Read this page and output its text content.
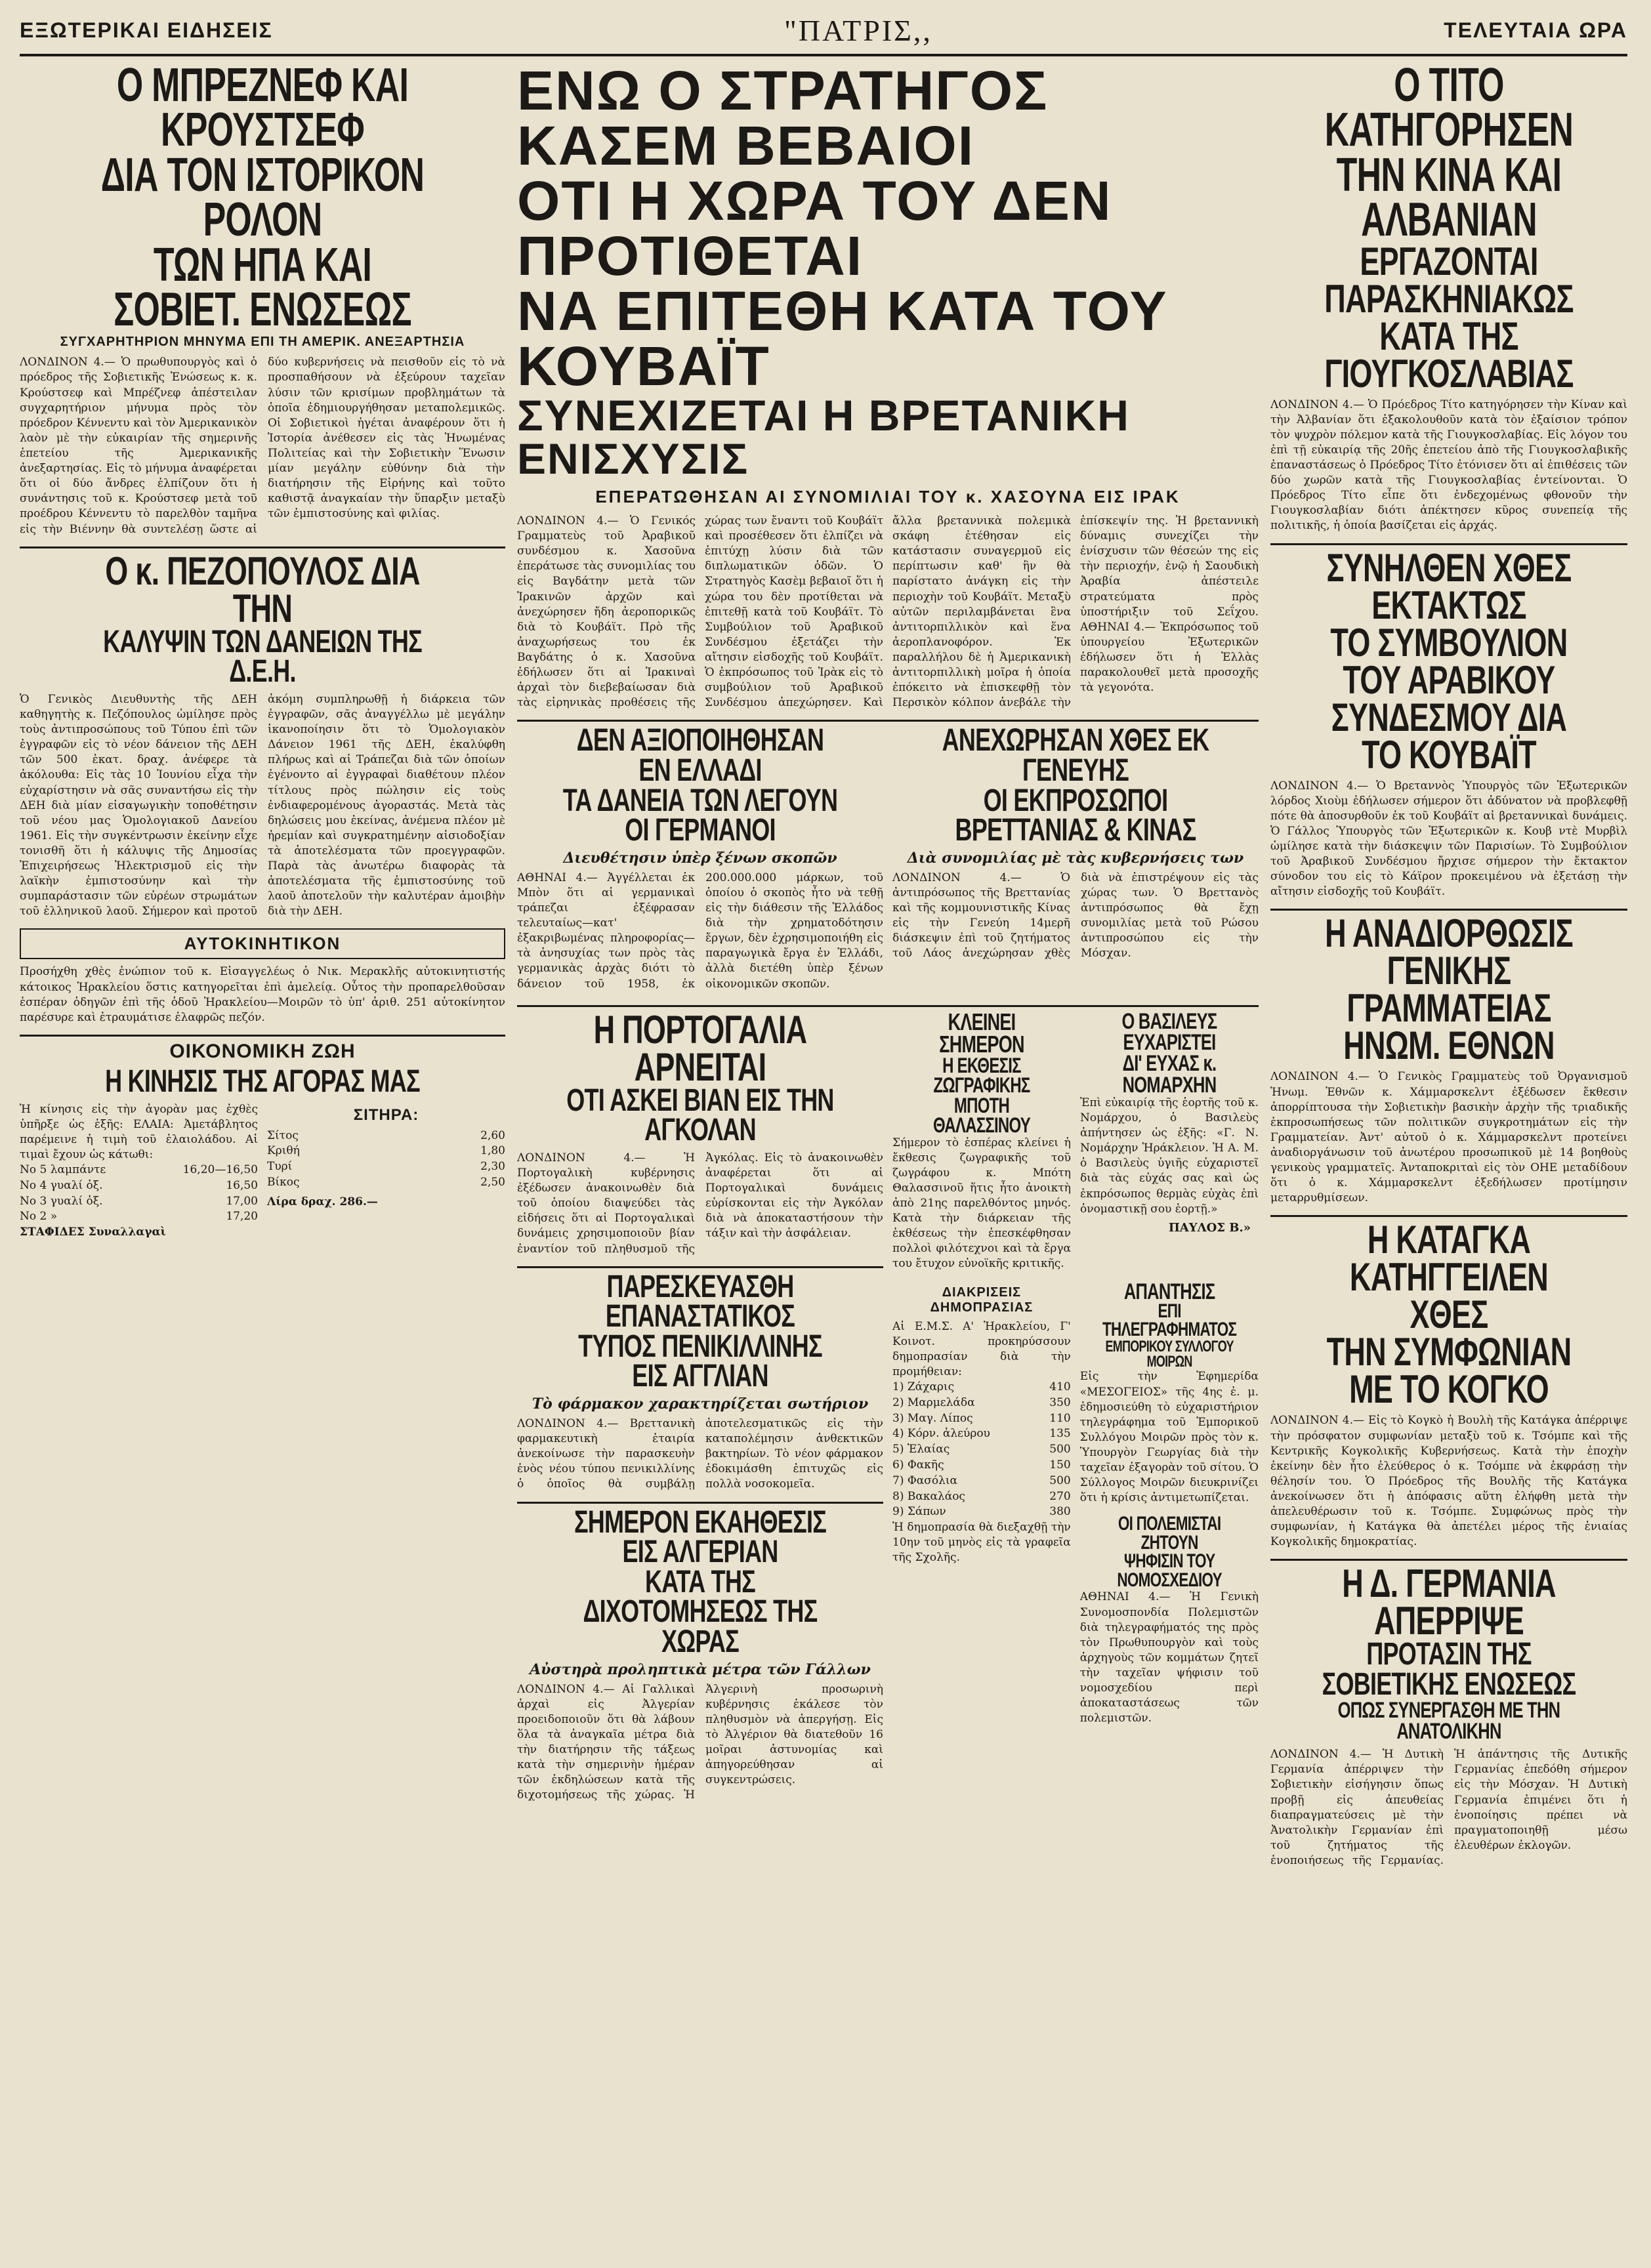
ΕΞΩΤΕΡΙΚΑΙ ΕΙΔΗΣΕΙΣ	"ΠΑΤΡΙΣ,,	ΤΕΛΕΥΤΑΙΑ ΩΡΑ
Ο ΜΠΡΕΖΝΕΦ ΚΑΙ ΚΡΟΥΣΤΣΕΦ
ΔΙΑ ΤΟΝ ΙΣΤΟΡΙΚΟΝ ΡΟΛΟΝ
ΤΩΝ ΗΠΑ ΚΑΙ ΣΟΒΙΕΤ. ΕΝΩΣΕΩΣ
ΣΥΓΧΑΡΗΤΗΡΙΟΝ ΜΗΝΥΜΑ ΕΠΙ ΤΗ ΑΜΕΡΙΚ. ΑΝΕΞΑΡΤΗΣΙΑ
ΛΟΝΔΙΝΟΝ 4.— Ὁ πρωθυπουργὸς καὶ ὁ πρόεδρος τῆς Σοβιετικῆς Ἑνώσεως κ. κ. Κρούστσεφ καὶ Μπρέζνεφ ἀπέστειλαν συγχαρητήριον μήνυμα πρὸς τὸν πρόεδρον Κέννεντυ καὶ τὸν Ἀμερικανικὸν λαὸν μὲ τὴν εὐκαιρίαν τῆς σημερινῆς ἐπετείου τῆς Ἀμερικανικῆς ἀνεξαρτησίας. Εἰς τὸ μήνυμα ἀναφέρεται ὅτι οἱ δύο ἄνδρες ἐλπίζουν ὅτι ἡ συνάντησις τοῦ κ. Κρούστσεφ μετὰ τοῦ προέδρου Κέννεντυ τὸ παρελθὸν ταμῆνα εἰς τὴν Βιέννην θὰ συντελέσῃ ὥστε αἱ δύο κυβερνήσεις νὰ πεισθοῦν εἰς τὸ νὰ προσπαθήσουν νὰ ἐξεύρουν ταχεῖαν λύσιν τῶν κρισίμων προβλημάτων τὰ ὁποῖα ἐδημιουργήθησαν μεταπολεμικῶς. Οἱ Σοβιετικοὶ ἡγέται ἀναφέρουν ὅτι ἡ Ἱστορία ἀνέθεσεν εἰς τὰς Ἡνωμένας Πολιτείας καὶ τὴν Σοβιετικὴν Ἕνωσιν μίαν μεγάλην εὐθύνην διὰ τὴν διατήρησιν τῆς Εἰρήνης καὶ τοῦτο καθιστᾷ ἀναγκαίαν τὴν ὕπαρξιν μεταξὺ τῶν ἐμπιστοσύνης καὶ φιλίας.
Ο κ. ΠΕΖΟΠΟΥΛΟΣ ΔΙΑ ΤΗΝ
ΚΑΛΥΨΙΝ ΤΩΝ ΔΑΝΕΙΩΝ ΤΗΣ Δ.Ε.Η.
Ὁ Γενικὸς Διευθυντὴς τῆς ΔΕΗ καθηγητὴς κ. Πεζόπουλος ὡμίλησε πρὸς τοὺς ἀντιπροσώπους τοῦ Τύπου ἐπὶ τῶν ἐγγραφῶν εἰς τὸ νέον δάνειον τῆς ΔΕΗ τῶν 500 ἑκατ. δραχ. ἀνέφερε τὰ ἀκόλουθα: Εἰς τὰς 10 Ἰουνίου εἶχα τὴν εὐχαρίστησιν νὰ σᾶς συναντήσω εἰς τὴν ΔΕΗ διὰ μίαν εἰσαγωγικὴν τοποθέτησιν τοῦ νέου μας Ὁμολογιακοῦ Δανείου 1961. Εἰς τὴν συγκέντρωσιν ἐκείνην εἶχε τονισθῆ ὅτι ἡ κάλυψις τῆς Δημοσίας Ἐπιχειρήσεως Ἠλεκτρισμοῦ εἰς τὴν λαϊκὴν ἐμπιστοσύνην καὶ τὴν συμπαράστασιν τῶν εὐρέων στρωμάτων τοῦ ἑλληνικοῦ λαοῦ. Σήμερον καὶ προτοῦ ἀκόμη συμπληρωθῇ ἡ διάρκεια τῶν ἐγγραφῶν, σᾶς ἀναγγέλλω μὲ μεγάλην ἱκανοποίησιν ὅτι τὸ Ὁμολογιακὸν Δάνειον 1961 τῆς ΔΕΗ, ἐκαλύφθη πλήρως καὶ αἱ Τράπεζαι διὰ τῶν ὁποίων ἐγένοντο αἱ ἐγγραφαὶ διαθέτουν πλέον τίτλους πρὸς πώλησιν εἰς τοὺς ἐνδιαφερομένους ἀγοραστάς. Μετὰ τὰς δηλώσεις μου ἐκείνας, ἀνέμενα πλέον μὲ ἠρεμίαν καὶ συγκρατημένην αἰσιοδοξίαν τὰ ἀποτελέσματα τῶν προεγγραφῶν. Παρὰ τὰς ἀνωτέρω διαφορὰς τὰ ἀποτελέσματα τῆς ἐμπιστοσύνης τοῦ λαοῦ ἀποτελοῦν τὴν καλυτέραν ἀμοιβὴν διὰ τὴν ΔΕΗ.
ΑΥΤΟΚΙΝΗΤΙΚΟΝ
Προσήχθη χθὲς ἐνώπιον τοῦ κ. Εἰσαγγελέως ὁ Νικ. Μερακλῆς αὐτοκινητιστής κάτοικος Ἡρακλείου ὅστις κατηγορεῖται ἐπὶ ἀμελείᾳ. Οὗτος τὴν προπαρελθοῦσαν ἑσπέραν ὁδηγῶν ἐπὶ τῆς ὁδοῦ Ἡρακλείου—Μοιρῶν τὸ ὑπ' ἀριθ. 251 αὐτοκίνητον παρέσυρε καὶ ἐτραυμάτισε ἐλαφρῶς πεζόν.
ΟΙΚΟΝΟΜΙΚΗ ΖΩΗ
Η ΚΙΝΗΣΙΣ ΤΗΣ ΑΓΟΡΑΣ ΜΑΣ
Ἡ κίνησις εἰς τὴν ἀγορὰν μας ἐχθὲς ὑπῆρξε ὡς ἑξῆς: ΕΛΑΙΑ: Ἀμετάβλητος παρέμεινε ἡ τιμὴ τοῦ ἐλαιολάδου. Αἱ τιμαὶ ἔχουν ὡς κάτωθι:
Νο 5 λαμπάντε	16,20—16,50
Νο 4 γυαλί ὀξ.	16,50
Νο 3 γυαλί ὀξ.	17,00
Νο 2 »	17,20
ΣΤΑΦΙΔΕΣ Συναλλαγαὶ
ΣΙΤΗΡΑ:
Σίτος	2,60
Κριθή	1,80
Τυρί	2,30
Βίκος	2,50
Λίρα δραχ. 286.—
ΕΝΩ Ο ΣΤΡΑΤΗΓΟΣ ΚΑΣΕΜ ΒΕΒΑΙΟΙ
ΟΤΙ Η ΧΩΡΑ ΤΟΥ ΔΕΝ ΠΡΟΤΙΘΕΤΑΙ
ΝΑ ΕΠΙΤΕΘΗ ΚΑΤΑ ΤΟΥ ΚΟΥΒΑΪΤ
ΣΥΝΕΧΙΖΕΤΑΙ Η ΒΡΕΤΑΝΙΚΗ ΕΝΙΣΧΥΣΙΣ
ΕΠΕΡΑΤΩΘΗΣΑΝ ΑΙ ΣΥΝΟΜΙΛΙΑΙ ΤΟΥ κ. ΧΑΣΟΥΝΑ ΕΙΣ ΙΡΑΚ
ΛΟΝΔΙΝΟΝ 4.— Ὁ Γενικός Γραμματεὺς τοῦ Ἀραβικοῦ συνδέσμου κ. Χασοῦνα ἐπεράτωσε τὰς συνομιλίας του εἰς Βαγδάτην μετὰ τῶν Ἰρακινῶν ἀρχῶν καὶ ἀνεχώρησεν ἤδη ἀεροπορικῶς διὰ τὸ Κουβάϊτ. Πρὸ τῆς ἀναχωρήσεως του ἐκ Βαγδάτης ὁ κ. Χασοῦνα ἐδήλωσεν ὅτι αἱ Ἰρακιναὶ ἀρχαὶ τὸν διεβεβαίωσαν διὰ τὰς εἰρηνικὰς προθέσεις τῆς χώρας των ἔναντι τοῦ Κουβάϊτ καὶ προσέθεσεν ὅτι ἐλπίζει νὰ ἐπιτύχῃ λύσιν διὰ τῶν διπλωματικῶν ὁδῶν. Ὁ Στρατηγὸς Κασὲμ βεβαιοῖ ὅτι ἡ χώρα του δὲν προτίθεται νὰ ἐπιτεθῇ κατὰ τοῦ Κουβάϊτ. Τὸ Συμβούλιον τοῦ Ἀραβικοῦ Συνδέσμου ἐξετάζει τὴν αἴτησιν εἰσδοχῆς τοῦ Κουβάϊτ. Ὁ ἐκπρόσωπος τοῦ Ἰρὰκ εἰς τὸ συμβούλιον τοῦ Ἀραβικοῦ Συνδέσμου ἀπεχώρησεν. Καὶ ἄλλα βρεταννικὰ πολεμικὰ σκάφη ἐτέθησαν εἰς κατάστασιν συναγερμοῦ εἰς περίπτωσιν καθ' ἣν θὰ παρίστατο ἀνάγκη εἰς τὴν περιοχὴν τοῦ Κουβάϊτ. Μεταξὺ αὐτῶν περιλαμβάνεται ἓνα ἀντιτορπιλλικὸν καὶ ἕνα ἀεροπλανοφόρον. Ἐκ παραλλήλου δὲ ἡ Ἀμερικανικὴ ἀντιτορπιλλικὴ μοῖρα ἡ ὁποία ἐπόκειτο νὰ ἐπισκεφθῇ τὸν Περσικὸν κόλπον ἀνεβάλε τὴν ἐπίσκεψίν της. Ἡ βρεταννικὴ δύναμις συνεχίζει τὴν ἐνίσχυσιν τῶν θέσεών της εἰς τὴν περιοχήν, ἐνῷ ἡ Σαουδικὴ Ἀραβία ἀπέστειλε στρατεύματα πρὸς ὑποστήριξιν τοῦ Σεΐχου. ΑΘΗΝΑΙ 4.— Ἐκπρόσωπος τοῦ ὑπουργείου Ἐξωτερικῶν ἐδήλωσεν ὅτι ἡ Ἑλλὰς παρακολουθεῖ μετὰ προσοχῆς τὰ γεγονότα.
ΔΕΝ ΑΞΙΟΠΟΙΗΘΗΣΑΝ ΕΝ ΕΛΛΑΔΙ
ΤΑ ΔΑΝΕΙΑ ΤΩΝ ΛΕΓΟΥΝ ΟΙ ΓΕΡΜΑΝΟΙ
Διευθέτησιν ὑπὲρ ξένων σκοπῶν
ΑΘΗΝΑΙ 4.— Ἀγγέλλεται ἐκ Μπὸν ὅτι αἱ γερμανικαὶ τράπεζαι ἐξέφρασαν τελευταίως—κατ' ἐξακριβωμένας πληροφορίας—τὰ ἀνησυχίας των πρὸς τὰς γερμανικὰς ἀρχὰς διότι τὸ δάνειον τοῦ 1958, ἐκ 200.000.000 μάρκων, τοῦ ὁποίου ὁ σκοπὸς ἦτο νὰ τεθῇ εἰς τὴν διάθεσιν τῆς Ἑλλάδος διὰ τὴν χρηματοδότησιν ἔργων, δὲν ἐχρησιμοποιήθη εἰς παραγωγικὰ ἔργα ἐν Ἑλλάδι, ἀλλὰ διετέθη ὑπὲρ ξένων οἰκονομικῶν σκοπῶν.
ΑΝΕΧΩΡΗΣΑΝ ΧΘΕΣ ΕΚ ΓΕΝΕΥΗΣ
ΟΙ ΕΚΠΡΟΣΩΠΟΙ ΒΡΕΤΤΑΝΙΑΣ & ΚΙΝΑΣ
Διὰ συνομιλίας μὲ τὰς κυβερνήσεις των
ΛΟΝΔΙΝΟΝ 4.— Ὁ ἀντιπρόσωπος τῆς Βρεττανίας καὶ τῆς κομμουνιστικῆς Κίνας εἰς τὴν Γενεύη 14μερῆ διάσκεψιν ἐπὶ τοῦ ζητήματος τοῦ Λάος ἀνεχώρησαν χθὲς διὰ νὰ ἐπιστρέψουν εἰς τὰς χώρας των. Ὁ Βρεττανὸς ἀντιπρόσωπος θὰ ἔχῃ συνομιλίας μετὰ τοῦ Ρώσου ἀντιπροσώπου εἰς τὴν Μόσχαν.
Η ΠΟΡΤΟΓΑΛΙΑ ΑΡΝΕΙΤΑΙ
ΟΤΙ ΑΣΚΕΙ ΒΙΑΝ ΕΙΣ ΤΗΝ ΑΓΚΟΛΑΝ
ΛΟΝΔΙΝΟΝ 4.— Ἡ Πορτογαλικὴ κυβέρνησις ἐξέδωσεν ἀνακοινωθὲν διὰ τοῦ ὁποίου διαψεύδει τὰς εἰδήσεις ὅτι αἱ Πορτογαλικαὶ δυνάμεις χρησιμοποιοῦν βίαν ἐναντίον τοῦ πληθυσμοῦ τῆς Ἀγκόλας. Εἰς τὸ ἀνακοινωθὲν ἀναφέρεται ὅτι αἱ Πορτογαλικαὶ δυνάμεις εὑρίσκονται εἰς τὴν Ἀγκόλαν διὰ νὰ ἀποκαταστήσουν τὴν τάξιν καὶ τὴν ἀσφάλειαν.
ΠΑΡΕΣΚΕΥΑΣΘΗ ΕΠΑΝΑΣΤΑΤΙΚΟΣ
ΤΥΠΟΣ ΠΕΝΙΚΙΛΛΙΝΗΣ ΕΙΣ ΑΓΓΛΙΑΝ
Τὸ φάρμακον χαρακτηρίζεται σωτήριον
ΛΟΝΔΙΝΟΝ 4.— Βρεττανικὴ φαρμακευτικὴ ἑταιρία ἀνεκοίνωσε τὴν παρασκευὴν ἑνὸς νέου τύπου πενικιλλίνης ὁ ὁποῖος θὰ συμβάλῃ ἀποτελεσματικῶς εἰς τὴν καταπολέμησιν ἀνθεκτικῶν βακτηρίων. Τὸ νέον φάρμακον ἐδοκιμάσθη ἐπιτυχῶς εἰς πολλὰ νοσοκομεῖα.
ΣΗΜΕΡΟΝ ΕΚΑΗΘΕΣΙΣ ΕΙΣ ΑΛΓΕΡΙΑΝ
ΚΑΤΑ ΤΗΣ ΔΙΧΟΤΟΜΗΣΕΩΣ ΤΗΣ ΧΩΡΑΣ
Αὐστηρὰ προληπτικὰ μέτρα τῶν Γάλλων
ΛΟΝΔΙΝΟΝ 4.— Αἱ Γαλλικαὶ ἀρχαὶ εἰς Ἀλγερίαν προειδοποιοῦν ὅτι θὰ λάβουν ὅλα τὰ ἀναγκαῖα μέτρα διὰ τὴν διατήρησιν τῆς τάξεως κατὰ τὴν σημερινὴν ἡμέραν τῶν ἐκδηλώσεων κατὰ τῆς διχοτομήσεως τῆς χώρας. Ἡ Ἀλγερινὴ προσωρινὴ κυβέρνησις ἐκάλεσε τὸν πληθυσμὸν νὰ ἀπεργήσῃ. Εἰς τὸ Ἀλγέριον θὰ διατεθοῦν 16 μοῖραι ἀστυνομίας καὶ ἀπηγορεύθησαν αἱ συγκεντρώσεις.
ΚΛΕΙΝΕΙ ΣΗΜΕΡΟΝ
Η ΕΚΘΕΣΙΣ ΖΩΓΡΑΦΙΚΗΣ
ΜΠΟΤΗ ΘΑΛΑΣΣΙΝΟΥ
Σήμερον τὸ ἑσπέρας κλείνει ἡ ἔκθεσις ζωγραφικῆς τοῦ ζωγράφου κ. Μπότη Θαλασσινοῦ ἥτις ἦτο ἀνοικτὴ ἀπὸ 21ης παρελθόντος μηνός. Κατὰ τὴν διάρκειαν τῆς ἐκθέσεως τὴν ἐπεσκέφθησαν πολλοὶ φιλότεχνοι καὶ τὰ ἔργα του ἔτυχον εὐνοϊκῆς κριτικῆς.
Ο ΒΑΣΙΛΕΥΣ ΕΥΧΑΡΙΣΤΕΙ
ΔΙ' ΕΥΧΑΣ κ. ΝΟΜΑΡΧΗΝ
Ἐπὶ εὐκαιρίᾳ τῆς ἑορτῆς τοῦ κ. Νομάρχου, ὁ Βασιλεὺς ἀπήντησεν ὡς ἑξῆς: «Γ. Ν. Νομάρχην Ἡράκλειον. Ἡ Α. Μ. ὁ Βασιλεὺς ὑγιῆς εὐχαριστεῖ διὰ τὰς εὐχάς σας καὶ ὡς ἐκπρόσωπος θερμὰς εὐχὰς ἐπὶ ὀνομαστικῇ σου ἑορτῇ.»
ΠΑΥΛΟΣ Β.»
ΔΙΑΚΡΙΣΕΙΣ ΔΗΜΟΠΡΑΣΙΑΣ
Αἱ Ε.Μ.Σ. Α' Ἡρακλείου, Γ' Κοινοτ. προκηρύσσουν δημοπρασίαν διὰ τὴν προμήθειαν:
1) Ζάχαρις	410
2) Μαρμελάδα	350
3) Μαγ. Λίπος	110
4) Κόρν. ἀλεύρου	135
5) Ἐλαίας	500
6) Φακῆς	150
7) Φασόλια	500
8) Βακαλάος	270
9) Σάπων	380
Ἡ δημοπρασία θὰ διεξαχθῇ τὴν 10ην τοῦ μηνὸς εἰς τὰ γραφεῖα τῆς Σχολῆς.
ΑΠΑΝΤΗΣΙΣ
ΕΠΙ ΤΗΛΕΓΡΑΦΗΜΑΤΟΣ
ΕΜΠΟΡΙΚΟΥ ΣΥΛΛΟΓΟΥ ΜΟΙΡΩΝ
Εἰς τὴν Ἐφημερίδα «ΜΕΣΟΓΕΙΟΣ» τῆς 4ης ἐ. μ. ἐδημοσιεύθη τὸ εὐχαριστήριον τηλεγράφημα τοῦ Ἐμπορικοῦ Συλλόγου Μοιρῶν πρὸς τὸν κ. Ὑπουργὸν Γεωργίας διὰ τὴν ταχεῖαν ἐξαγορὰν τοῦ σίτου. Ὁ Σύλλογος Μοιρῶν διευκρινίζει ὅτι ἡ κρίσις ἀντιμετωπίζεται.
ΟΙ ΠΟΛΕΜΙΣΤΑΙ ΖΗΤΟΥΝ
ΨΗΦΙΣΙΝ ΤΟΥ ΝΟΜΟΣΧΕΔΙΟΥ
ΑΘΗΝΑΙ 4.— Ἡ Γενικὴ Συνομοσπονδία Πολεμιστῶν διὰ τηλεγραφήματός της πρὸς τὸν Πρωθυπουργὸν καὶ τοὺς ἀρχηγοὺς τῶν κομμάτων ζητεῖ τὴν ταχεῖαν ψήφισιν τοῦ νομοσχεδίου περὶ ἀποκαταστάσεως τῶν πολεμιστῶν.
Ο ΤΙΤΟ ΚΑΤΗΓΟΡΗΣΕΝ
ΤΗΝ ΚΙΝΑ ΚΑΙ ΑΛΒΑΝΙΑΝ
ΕΡΓΑΖΟΝΤΑΙ ΠΑΡΑΣΚΗΝΙΑΚΩΣ
ΚΑΤΑ ΤΗΣ ΓΙΟΥΓΚΟΣΛΑΒΙΑΣ
ΛΟΝΔΙΝΟΝ 4.— Ὁ Πρόεδρος Τίτο κατηγόρησεν τὴν Κίναν καὶ τὴν Ἀλβανίαν ὅτι ἐξακολουθοῦν κατὰ τὸν ἐξαίσιον τρόπον τὸν ψυχρὸν πόλεμον κατὰ τῆς Γιουγκοσλαβίας. Εἰς λόγον του ἐπὶ τῇ εὐκαιρίᾳ τῆς 20ῆς ἐπετείου ἀπὸ τῆς Γιουγκοσλαβικῆς ἐπαναστάσεως ὁ Πρόεδρος Τίτο ἐτόνισεν ὅτι αἱ ἐπιθέσεις τῶν δύο χωρῶν κατὰ τῆς Γιουγκοσλαβίας ἐντείνονται. Ὁ Πρόεδρος Τίτο εἶπε ὅτι ἐνδεχομένως φθονοῦν τὴν Γιουγκοσλαβίαν διότι ἀπέκτησεν κῦρος συνεπείᾳ τῆς πολιτικῆς, ἡ ὁποία βασίζεται εἰς ἀρχάς.
ΣΥΝΗΛΘΕΝ ΧΘΕΣ ΕΚΤΑΚΤΩΣ
ΤΟ ΣΥΜΒΟΥΛΙΟΝ ΤΟΥ ΑΡΑΒΙΚΟΥ
ΣΥΝΔΕΣΜΟΥ ΔΙΑ ΤΟ ΚΟΥΒΑΪΤ
ΛΟΝΔΙΝΟΝ 4.— Ὁ Βρεταννὸς Ὑπουργὸς τῶν Ἐξωτερικῶν λόρδος Χιοὺμ ἐδήλωσεν σήμερον ὅτι ἀδύνατον νὰ προβλεφθῇ πότε θὰ ἀποσυρθοῦν ἐκ τοῦ Κουβάϊτ αἱ βρεταννικαὶ δυνάμεις. Ὁ Γάλλος Ὑπουργὸς τῶν Ἐξωτερικῶν κ. Κουβ ντὲ Μυρβὶλ ὡμίλησε κατὰ τὴν διάσκεψιν τῶν Παρισίων. Τὸ Συμβούλιον τοῦ Ἀραβικοῦ Συνδέσμου ἤρχισε σήμερον τὴν ἔκτακτον σύνοδον του εἰς τὸ Κάϊρον προκειμένου νὰ ἐξετάσῃ τὴν αἴτησιν εἰσδοχῆς τοῦ Κουβάϊτ.
Η ΑΝΑΔΙΟΡΘΩΣΙΣ ΓΕΝΙΚΗΣ
ΓΡΑΜΜΑΤΕΙΑΣ ΗΝΩΜ. ΕΘΝΩΝ
ΛΟΝΔΙΝΟΝ 4.— Ὁ Γενικὸς Γραμματεὺς τοῦ Ὀργανισμοῦ Ἡνωμ. Ἐθνῶν κ. Χάμμαρσκελντ ἐξέδωσεν ἔκθεσιν ἀπορρίπτουσα τὴν Σοβιετικὴν βασικὴν ἀρχὴν τῆς τριαδικῆς ἐκπροσωπήσεως τῶν πολιτικῶν συγκροτημάτων εἰς τὴν Γραμματείαν. Ἀντ' αὐτοῦ ὁ κ. Χάμμαρσκελντ προτείνει ἀναδιοργάνωσιν τοῦ ἀνωτέρου προσωπικοῦ μὲ 14 βοηθοὺς γενικοὺς γραμματεῖς. Ἀνταποκριταὶ εἰς τὸν ΟΗΕ μεταδίδουν ὅτι ὁ κ. Χάμμαρσκελντ ἐξεδήλωσεν προτίμησιν μεταρρυθμίσεων.
Η ΚΑΤΑΓΚΑ ΚΑΤΗΓΓΕΙΛΕΝ ΧΘΕΣ
ΤΗΝ ΣΥΜΦΩΝΙΑΝ ΜΕ ΤΟ ΚΟΓΚΟ
ΛΟΝΔΙΝΟΝ 4.— Εἰς τὸ Κογκὸ ἡ Βουλὴ τῆς Κατάγκα ἀπέρριψε τὴν πρόσφατον συμφωνίαν μεταξὺ τοῦ κ. Τσόμπε καὶ τῆς Κεντρικῆς Κογκολικῆς Κυβερνήσεως. Κατὰ τὴν ἐποχὴν ἐκείνην δὲν ἦτο ἐλεύθερος ὁ κ. Τσόμπε νὰ ἐκφράσῃ τὴν θέλησίν του. Ὁ Πρόεδρος τῆς Βουλῆς τῆς Κατάγκα ἀνεκοίνωσεν ὅτι ἡ ἀπόφασις αὕτη ἐλήφθη μετὰ τὴν ἀπελευθέρωσιν τοῦ κ. Τσόμπε. Συμφώνως πρὸς τὴν συμφωνίαν, ἡ Κατάγκα θὰ ἀπετέλει μέρος τῆς ἑνιαίας Κογκολικῆς δημοκρατίας.
Η Δ. ΓΕΡΜΑΝΙΑ ΑΠΕΡΡΙΨΕ
ΠΡΟΤΑΣΙΝ ΤΗΣ ΣΟΒΙΕΤΙΚΗΣ ΕΝΩΣΕΩΣ
ΟΠΩΣ ΣΥΝΕΡΓΑΣΘΗ ΜΕ ΤΗΝ ΑΝΑΤΟΛΙΚΗΝ
ΛΟΝΔΙΝΟΝ 4.— Ἡ Δυτικὴ Γερμανία ἀπέρριψεν τὴν Σοβιετικὴν εἰσήγησιν ὅπως προβῇ εἰς ἀπευθείας διαπραγματεύσεις μὲ τὴν Ἀνατολικὴν Γερμανίαν ἐπὶ τοῦ ζητήματος τῆς ἑνοποιήσεως τῆς Γερμανίας. Ἡ ἀπάντησις τῆς Δυτικῆς Γερμανίας ἐπεδόθη σήμερον εἰς τὴν Μόσχαν. Ἡ Δυτικὴ Γερμανία ἐπιμένει ὅτι ἡ ἑνοποίησις πρέπει νὰ πραγματοποιηθῇ μέσω ἐλευθέρων ἐκλογῶν.
